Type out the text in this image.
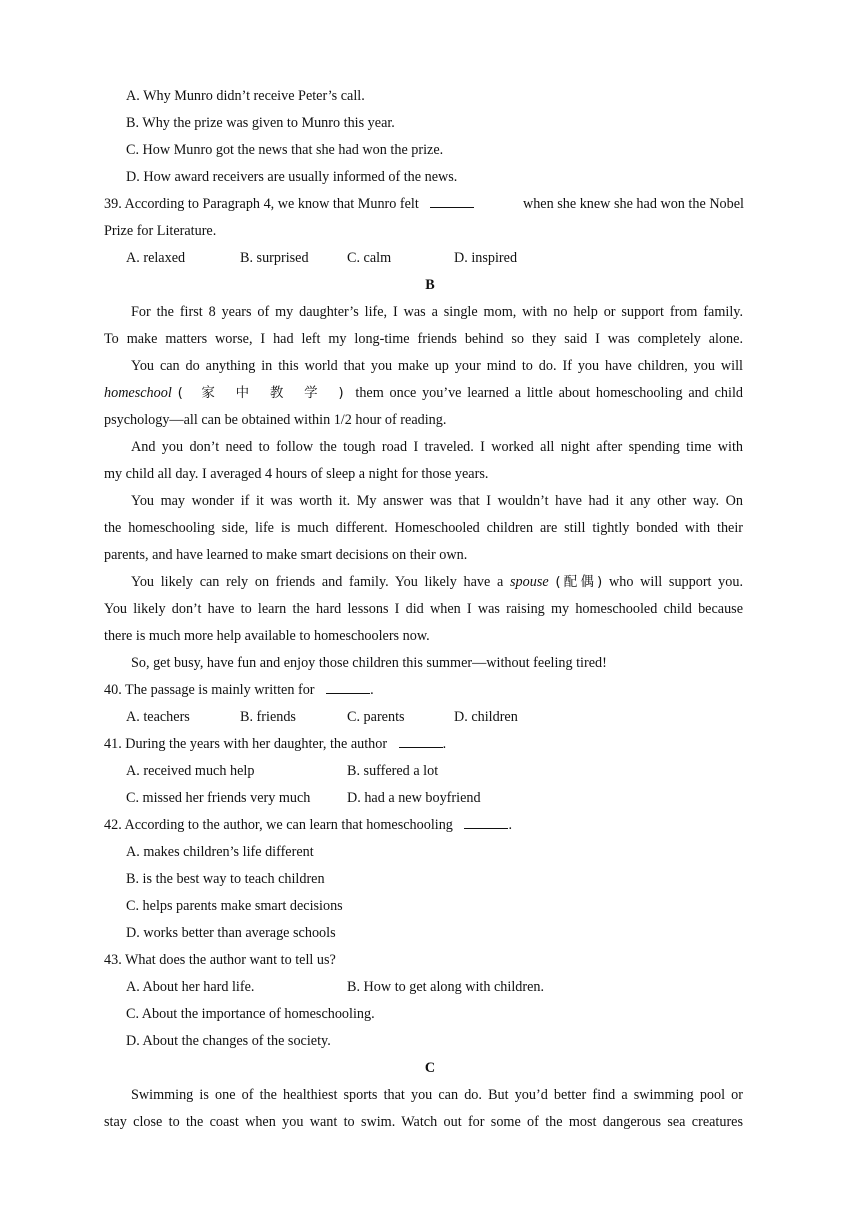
A. Why Munro didn’t receive Peter’s call.
B. Why the prize was given to Munro this year.
C. How Munro got the news that she had won the prize.
D. How award receivers are usually informed of the news.
39. According to Paragraph 4, we know that Munro felt	when she knew she had won the Nobel
Prize for Literature.
A. relaxed	B. surprised	C. calm	D. inspired
B
For the first 8 years of my daughter’s life, I was a single mom, with no help or support from family.
To make matters worse, I had left my long-time friends behind so they said I was completely alone.
You can do anything in this world that you make up your mind to do. If you have children, you will
homeschool ( 家 中 教 学 ) them once you’ve learned a little about homeschooling and child
psychology—all can be obtained within 1/2 hour of reading.
And you don’t need to follow the tough road I traveled. I worked all night after spending time with
my child all day. I averaged 4 hours of sleep a night for those years.
You may wonder if it was worth it. My answer was that I wouldn’t have had it any other way. On
the homeschooling side, life is much different. Homeschooled children are still tightly bonded with their
parents, and have learned to make smart decisions on their own.
You likely can rely on friends and family. You likely have a spouse (配偶) who will support you.
You likely don’t have to learn the hard lessons I did when I was raising my homeschooled child because
there is much more help available to homeschoolers now.
So, get busy, have fun and enjoy those children this summer—without feeling tired!
40. The passage is mainly written for	.
A. teachers	B. friends	C. parents	D. children
41. During the years with her daughter, the author	.
A. received much help	B. suffered a lot
C. missed her friends very much	D. had a new boyfriend
42. According to the author, we can learn that homeschooling	.
A. makes children’s life different
B. is the best way to teach children
C. helps parents make smart decisions
D. works better than average schools
43. What does the author want to tell us?
A. About her hard life.	B. How to get along with children.
C. About the importance of homeschooling.
D. About the changes of the society.
C
Swimming is one of the healthiest sports that you can do. But you’d better find a swimming pool or
stay close to the coast when you want to swim. Watch out for some of the most dangerous sea creatures
